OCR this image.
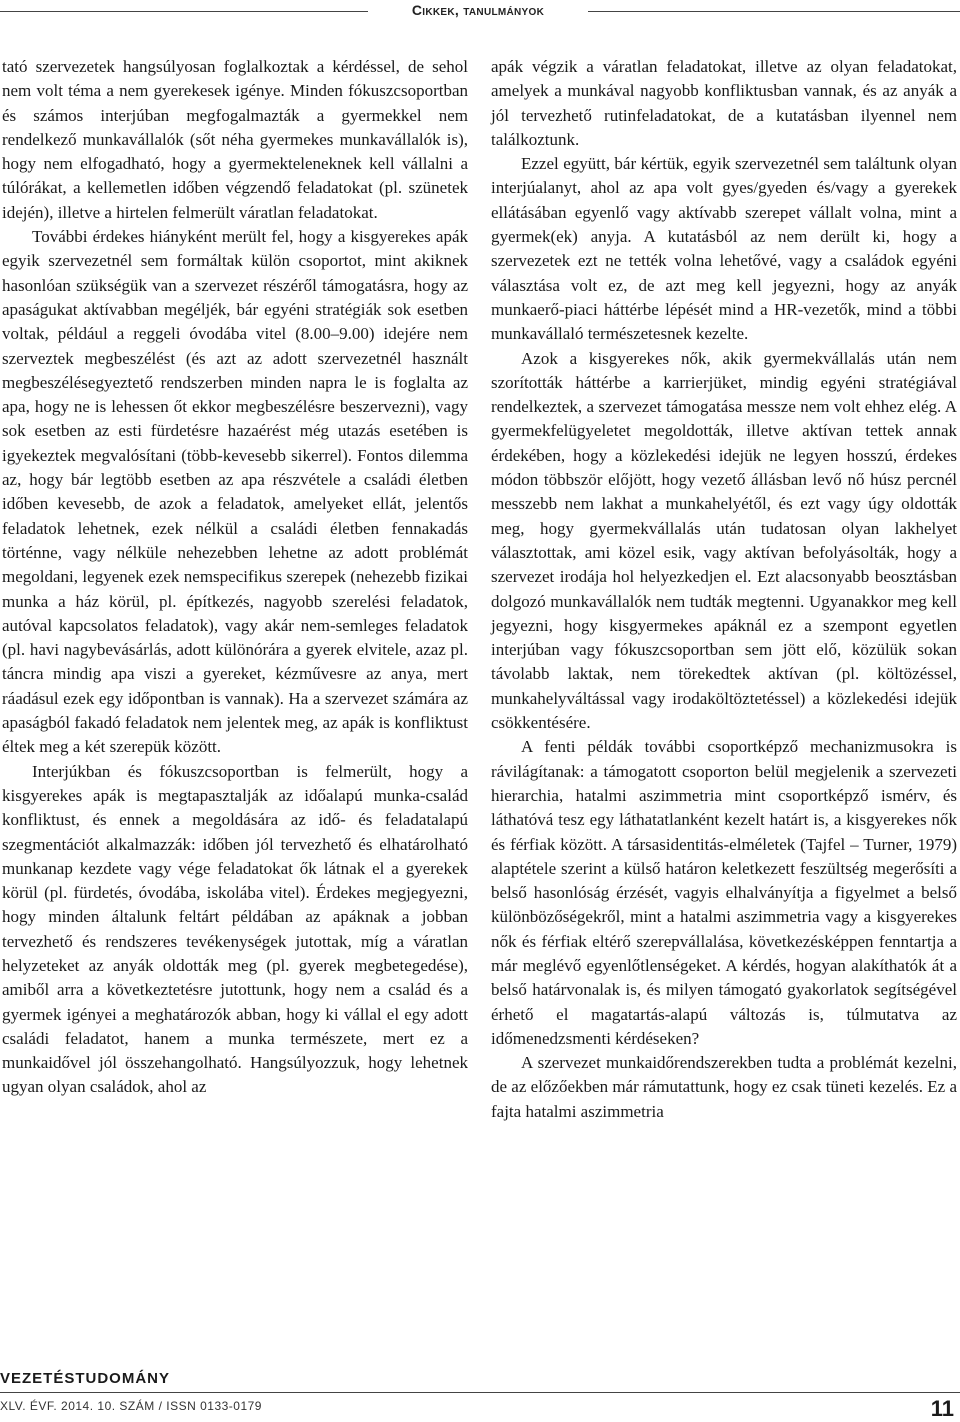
Cikkek, tanulmányok

tató szervezetek hangsúlyosan foglalkoztak a kérdéssel, de sehol nem volt téma a nem gyerekesek igénye. Minden fókuszcsoportban és számos interjúban megfogalmazták a gyermekkel nem rendelkező munkavállalók (sőt néha gyermekes munkavállalók is), hogy nem elfogadható, hogy a gyermekteleneknek kell vállalni a túlórákat, a kellemetlen időben végzendő feladatokat (pl. szünetek idején), illetve a hirtelen felmerült váratlan feladatokat.

További érdekes hiányként merült fel, hogy a kisgyerekes apák egyik szervezetnél sem formáltak külön csoportot, mint akiknek hasonlóan szükségük van a szervezet részéről támogatásra, hogy az apaságukat aktívabban megéljék, bár egyéni stratégiák sok esetben voltak, például a reggeli óvodába vitel (8.00–9.00) idejére nem szerveztek megbeszélést (és azt az adott szervezetnél használt megbeszélésegyeztető rendszerben minden napra le is foglalta az apa, hogy ne is lehessen őt ekkor megbeszélésre beszervezni), vagy sok esetben az esti fürdetésre hazaérést még utazás esetében is igyekeztek megvalósítani (több-kevesebb sikerrel). Fontos dilemma az, hogy bár legtöbb esetben az apa részvétele a családi életben időben kevesebb, de azok a feladatok, amelyeket ellát, jelentős feladatok lehetnek, ezek nélkül a családi életben fennakadás történne, vagy nélküle nehezebben lehetne az adott problémát megoldani, legyenek ezek nemspecifikus szerepek (nehezebb fizikai munka a ház körül, pl. építkezés, nagyobb szerelési feladatok, autóval kapcsolatos feladatok), vagy akár nem-semleges feladatok (pl. havi nagybevásárlás, adott különórára a gyerek elvitele, azaz pl. táncra mindig apa viszi a gyereket, kézművesre az anya, mert ráadásul ezek egy időpontban is vannak). Ha a szervezet számára az apaságból fakadó feladatok nem jelentek meg, az apák is konfliktust éltek meg a két szerepük között.

Interjúkban és fókuszcsoportban is felmerült, hogy a kisgyerekes apák is megtapasztalják az időalapú munka-család konfliktust, és ennek a megoldására az idő- és feladatalapú szegmentációt alkalmazzák: időben jól tervezhető és elhatárolható munkanap kezdete vagy vége feladatokat ők látnak el a gyerekek körül (pl. fürdetés, óvodába, iskolába vitel). Érdekes megjegyezni, hogy minden általunk feltárt példában az apáknak a jobban tervezhető és rendszeres tevékenységek jutottak, míg a váratlan helyzeteket az anyák oldották meg (pl. gyerek megbetegedése), amiből arra a következtetésre jutottunk, hogy nem a család és a gyermek igényei a meghatározók abban, hogy ki vállal el egy adott családi feladatot, hanem a munka természete, mert ez a munkaidővel jól összehangolható. Hangsúlyozzuk, hogy lehetnek ugyan olyan családok, ahol az

apák végzik a váratlan feladatokat, illetve az olyan feladatokat, amelyek a munkával nagyobb konfliktusban vannak, és az anyák a jól tervezhető rutinfeladatokat, de a kutatásban ilyennel nem találkoztunk.

Ezzel együtt, bár kértük, egyik szervezetnél sem találtunk olyan interjúalanyt, ahol az apa volt gyes/gyeden és/vagy a gyerekek ellátásában egyenlő vagy aktívabb szerepet vállalt volna, mint a gyermek(ek) anyja. A kutatásból az nem derült ki, hogy a szervezetek ezt ne tették volna lehetővé, vagy a családok egyéni választása volt ez, de azt meg kell jegyezni, hogy az anyák munkaerő-piaci háttérbe lépését mind a HR-vezetők, mind a többi munkavállaló természetesnek kezelte.

Azok a kisgyerekes nők, akik gyermekvállalás után nem szorították háttérbe a karrierjüket, mindig egyéni stratégiával rendelkeztek, a szervezet támogatása messze nem volt ehhez elég. A gyermekfelügyeletet megoldották, illetve aktívan tettek annak érdekében, hogy a közlekedési idejük ne legyen hosszú, érdekes módon többször előjött, hogy vezető állásban levő nő húsz percnél messzebb nem lakhat a munkahelyétől, és ezt vagy úgy oldották meg, hogy gyermekvállalás után tudatosan olyan lakhelyet választottak, ami közel esik, vagy aktívan befolyásolták, hogy a szervezet irodája hol helyezkedjen el. Ezt alacsonyabb beosztásban dolgozó munkavállalók nem tudták megtenni. Ugyanakkor meg kell jegyezni, hogy kisgyermekes apáknál ez a szempont egyetlen interjúban vagy fókuszcsoportban sem jött elő, közülük sokan távolabb laktak, nem törekedtek aktívan (pl. költözéssel, munkahelyváltással vagy irodaköltöztetéssel) a közlekedési idejük csökkentésére.

A fenti példák további csoportképző mechanizmusokra is rávilágítanak: a támogatott csoporton belül megjelenik a szervezeti hierarchia, hatalmi aszimmetria mint csoportképző ismérv, és láthatóvá tesz egy láthatatlanként kezelt határt is, a kisgyerekes nők és férfiak között. A társasidentitás-elméletek (Tajfel – Turner, 1979) alaptétele szerint a külső határon keletkezett feszültség megerősíti a belső hasonlóság érzését, vagyis elhalványítja a figyelmet a belső különbözőségekről, mint a hatalmi aszimmetria vagy a kisgyerekes nők és férfiak eltérő szerepvállalása, következésképpen fenntartja a már meglévő egyenlőtlenségeket. A kérdés, hogyan alakíthatók át a belső határvonalak is, és milyen támogató gyakorlatok segítségével érhető el magatartás-alapú változás is, túlmutatva az időmenedzsmenti kérdéseken?

A szervezet munkaidőrendszerekben tudta a problémát kezelni, de az előzőekben már rámutattunk, hogy ez csak tüneti kezelés. Ez a fajta hatalmi aszimmetria

VEZETÉSTUDOMÁNY
XLV. ÉVF. 2014. 10. SZÁM / ISSN 0133-0179	11
